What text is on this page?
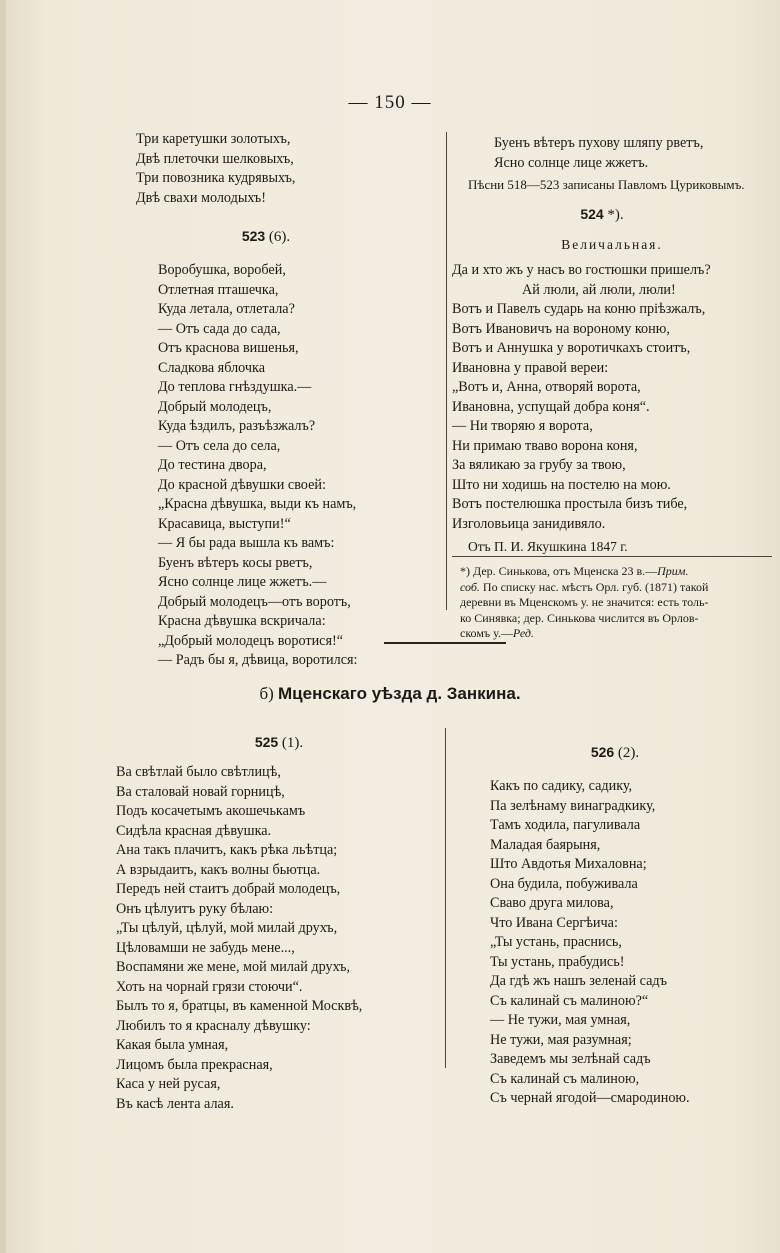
— 150 —
Три каретушки золотыхъ,
Двѣ плеточки шелковыхъ,
Три повозника кудрявыхъ,
Двѣ свахи молодыхъ!
523 (6).
Воробушка, воробей,
Отлетная пташечка,
Куда летала, отлетала?
— Отъ сада до сада,
Отъ краснова вишенья,
Сладкова яблочка
До теплова гнѣздушка.—
Добрый молодецъ,
Куда ѣздилъ, разъѣзжалъ?
— Отъ села до села,
До тестина двора,
До красной дѣвушки своей:
„Красна дѣвушка, выди къ намъ,
Красавица, выступи!“
— Я бы рада вышла къ вамъ:
Буенъ вѣтеръ косы рветъ,
Ясно солнце лице жжетъ.—
Добрый молодецъ—отъ воротъ,
Красна дѣвушка вскричала:
„Добрый молодецъ воротися!“
— Радъ бы я, дѣвица, воротился:
Буенъ вѣтеръ пухову шляпу рветъ,
Ясно солнце лице жжетъ.
Пѣсни 518—523 записаны Павломъ Цуриковымъ.
524 *).
Величальная.
Да и хто жъ у насъ во гостюшки пришелъ?
Ай люли, ай люли, люли!
Вотъ и Павелъ сударь на коню пріѣзжалъ,
Вотъ Ивановичъ на вороному коню,
Вотъ и Аннушка у воротичкахъ стоитъ,
Ивановна у правой вереи:
„Вотъ и, Анна, отворяй ворота,
Ивановна, успущай добра коня“.
— Ни творяю я ворота,
Ни примаю тваво ворона коня,
За вяликаю за грубу за твою,
Што ни ходишь на постелю на мою.
Вотъ постелюшка простыла бизъ тибе,
Изголовьица занидивяло.
Отъ П. И. Якушкина 1847 г.
*) Дер. Синькова, отъ Мценска 23 в.—Прим.
соб. По списку нас. мѣстъ Орл. губ. (1871) такой
деревни въ Мценскомъ у. не значится: есть толь-
ко Синявка; дер. Синькова числится въ Орлов-
скомъ у.—Ред.
б) Мценскаго уѣзда д. Занкина.
525 (1).
Ва свѣтлай было свѣтлицѣ,
Ва сталовай новай горницѣ,
Подъ косачетымъ акошечькамъ
Сидѣла красная дѣвушка.
Ана такъ плачитъ, какъ рѣка льѣтца;
А взрыдаитъ, какъ волны бьютца.
Передъ ней стаитъ добрай молодецъ,
Онъ цѣлуитъ руку бѣлаю:
„Ты цѣлуй, цѣлуй, мой милай друхъ,
Цѣловамши не забудь мене...,
Воспамяни же мене, мой милай друхъ,
Хоть на чорнай грязи стоючи“.
Былъ то я, братцы, въ каменной Москвѣ,
Любилъ то я красналу дѣвушку:
Какая была умная,
Лицомъ была прекрасная,
Каса у ней русая,
Въ касѣ лента алая.
526 (2).
Какъ по садику, садику,
Па зелѣнаму винаградкику,
Тамъ ходила, пагуливала
Маладая баярыня,
Што Авдотья Михаловна;
Она будила, побуживала
Сваво друга милова,
Что Ивана Сергѣича:
„Ты устань, праснись,
Ты устань, прабудись!
Да гдѣ жъ нашъ зеленай садъ
Съ калинай съ малиною?“
— Не тужи, мая умная,
Не тужи, мая разумная;
Заведемъ мы зелѣнай садъ
Съ калинай съ малиною,
Съ чернай ягодой—смародиною.
